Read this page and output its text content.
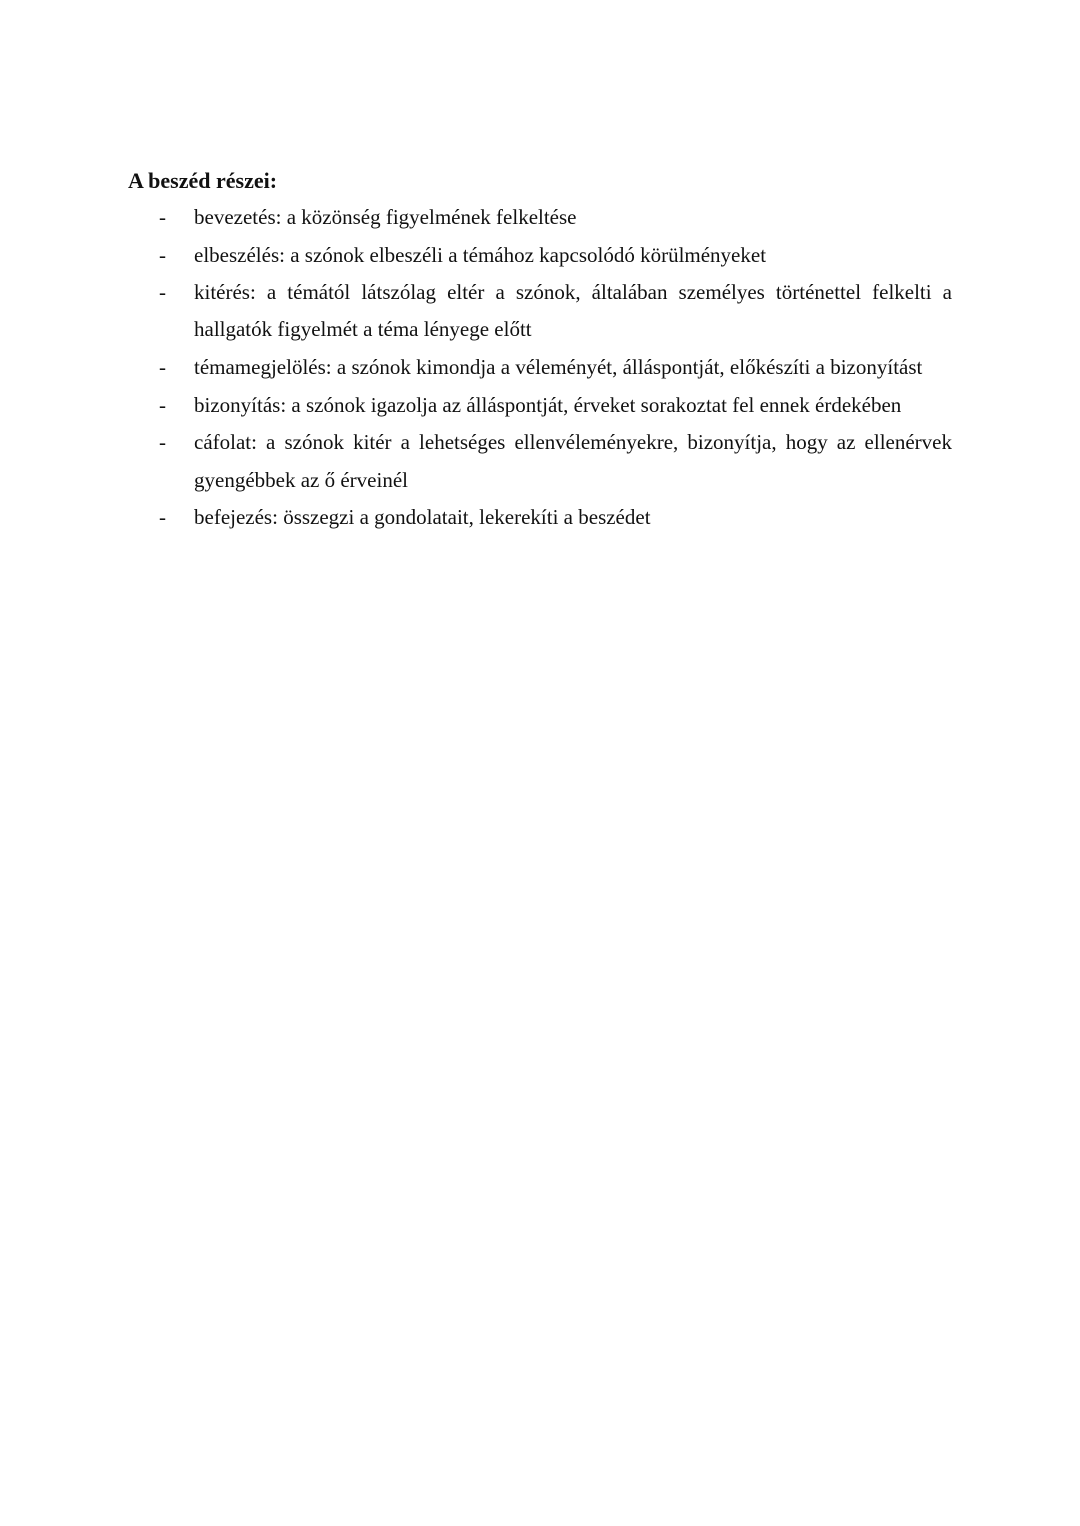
A beszéd részei:
- bevezetés: a közönség figyelmének felkeltése
- elbeszélés: a szónok elbeszéli a témához kapcsolódó körülményeket
- kitérés: a témától látszólag eltér a szónok, általában személyes történettel felkelti a
hallgatók figyelmét a téma lényege előtt
- témamegjelölés: a szónok kimondja a véleményét, álláspontját, előkészíti a bizonyítást
- bizonyítás: a szónok igazolja az álláspontját, érveket sorakoztat fel ennek érdekében
- cáfolat: a szónok kitér a lehetséges ellenvéleményekre, bizonyítja, hogy az ellenérvek
gyengébbek az ő érveinél
- befejezés: összegzi a gondolatait, lekerekíti a beszédet
